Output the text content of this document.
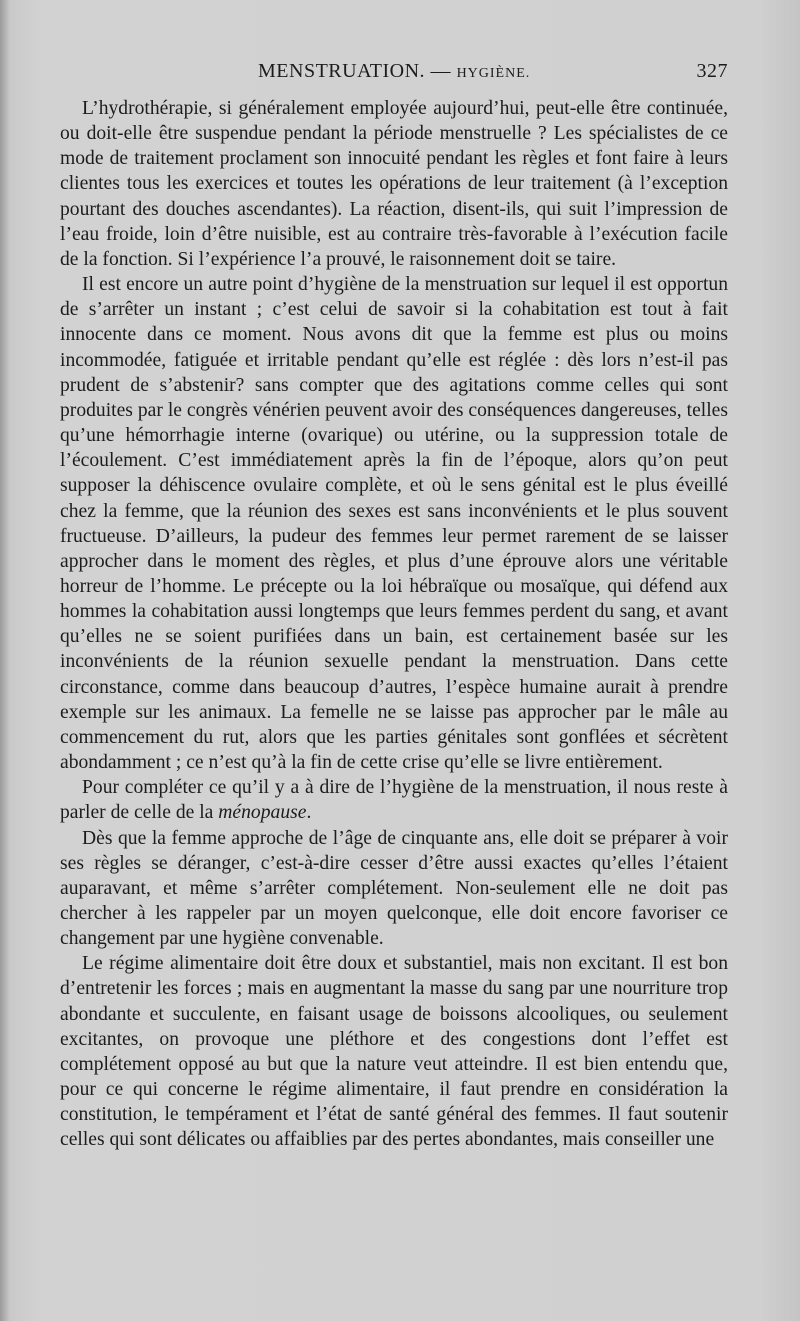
MENSTRUATION. — HYGIÈNE.	327

L’hydrothérapie, si généralement employée aujourd’hui, peut-elle être continuée, ou doit-elle être suspendue pendant la période menstruelle ? Les spécialistes de ce mode de traitement proclament son innocuité pendant les règles et font faire à leurs clientes tous les exercices et toutes les opérations de leur traitement (à l’exception pourtant des douches ascendantes). La réaction, disent-ils, qui suit l’impression de l’eau froide, loin d’être nuisible, est au contraire très-favorable à l’exécution facile de la fonction. Si l’expérience l’a prouvé, le raisonnement doit se taire.

Il est encore un autre point d’hygiène de la menstruation sur lequel il est opportun de s’arrêter un instant ; c’est celui de savoir si la cohabitation est tout à fait innocente dans ce moment. Nous avons dit que la femme est plus ou moins incommodée, fatiguée et irritable pendant qu’elle est réglée : dès lors n’est-il pas prudent de s’abstenir? sans compter que des agitations comme celles qui sont produites par le congrès vénérien peuvent avoir des conséquences dangereuses, telles qu’une hémorrhagie interne (ovarique) ou utérine, ou la suppression totale de l’écoulement. C’est immédiatement après la fin de l’époque, alors qu’on peut supposer la déhiscence ovulaire complète, et où le sens génital est le plus éveillé chez la femme, que la réunion des sexes est sans inconvénients et le plus souvent fructueuse. D’ailleurs, la pudeur des femmes leur permet rarement de se laisser approcher dans le moment des règles, et plus d’une éprouve alors une véritable horreur de l’homme. Le précepte ou la loi hébraïque ou mosaïque, qui défend aux hommes la cohabitation aussi longtemps que leurs femmes perdent du sang, et avant qu’elles ne se soient purifiées dans un bain, est certainement basée sur les inconvénients de la réunion sexuelle pendant la menstruation. Dans cette circonstance, comme dans beaucoup d’autres, l’espèce humaine aurait à prendre exemple sur les animaux. La femelle ne se laisse pas approcher par le mâle au commencement du rut, alors que les parties génitales sont gonflées et sécrètent abondamment ; ce n’est qu’à la fin de cette crise qu’elle se livre entièrement.

Pour compléter ce qu’il y a à dire de l’hygiène de la menstruation, il nous reste à parler de celle de la ménopause.

Dès que la femme approche de l’âge de cinquante ans, elle doit se préparer à voir ses règles se déranger, c’est-à-dire cesser d’être aussi exactes qu’elles l’étaient auparavant, et même s’arrêter complétement. Non-seulement elle ne doit pas chercher à les rappeler par un moyen quelconque, elle doit encore favoriser ce changement par une hygiène convenable.

Le régime alimentaire doit être doux et substantiel, mais non excitant. Il est bon d’entretenir les forces ; mais en augmentant la masse du sang par une nourriture trop abondante et succulente, en faisant usage de boissons alcooliques, ou seulement excitantes, on provoque une pléthore et des congestions dont l’effet est complétement opposé au but que la nature veut atteindre. Il est bien entendu que, pour ce qui concerne le régime alimentaire, il faut prendre en considération la constitution, le tempérament et l’état de santé général des femmes. Il faut soutenir celles qui sont délicates ou affaiblies par des pertes abondantes, mais conseiller une
